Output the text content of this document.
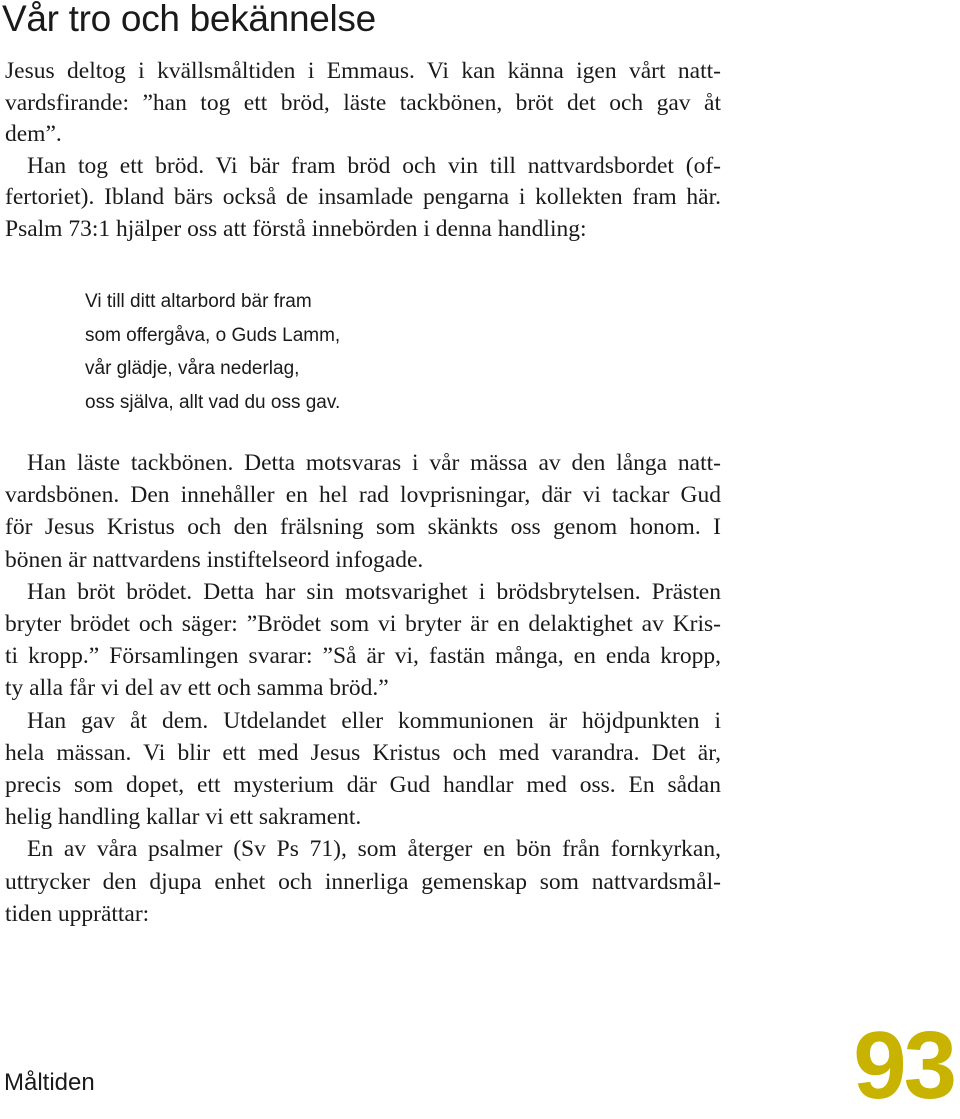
Vår tro och bekännelse
Jesus deltog i kvällsmåltiden i Emmaus. Vi kan känna igen vårt natt-
vardsfirande: ”han tog ett bröd, läste tackbönen, bröt det och gav åt
dem”.
Han tog ett bröd. Vi bär fram bröd och vin till nattvardsbordet (of-
fertoriet). Ibland bärs också de insamlade pengarna i kollekten fram här.
Psalm 73:1 hjälper oss att förstå innebörden i denna handling:
Vi till ditt altarbord bär fram
som offergåva, o Guds Lamm,
vår glädje, våra nederlag,
oss själva, allt vad du oss gav.
Han läste tackbönen. Detta motsvaras i vår mässa av den långa natt-
vardsbönen. Den innehåller en hel rad lovprisningar, där vi tackar Gud
för Jesus Kristus och den frälsning som skänkts oss genom honom. I
bönen är nattvardens instiftelseord infogade.
Han bröt brödet. Detta har sin motsvarighet i brödsbrytelsen. Prästen
bryter brödet och säger: ”Brödet som vi bryter är en delaktighet av Kris-
ti kropp.” Församlingen svarar: ”Så är vi, fastän många, en enda kropp,
ty alla får vi del av ett och samma bröd.”
Han gav åt dem. Utdelandet eller kommunionen är höjdpunkten i
hela mässan. Vi blir ett med Jesus Kristus och med varandra. Det är,
precis som dopet, ett mysterium där Gud handlar med oss. En sådan
helig handling kallar vi ett sakrament.
En av våra psalmer (Sv Ps 71), som återger en bön från fornkyrkan,
uttrycker den djupa enhet och innerliga gemenskap som nattvardsmål-
tiden upprättar:
Måltiden	93
